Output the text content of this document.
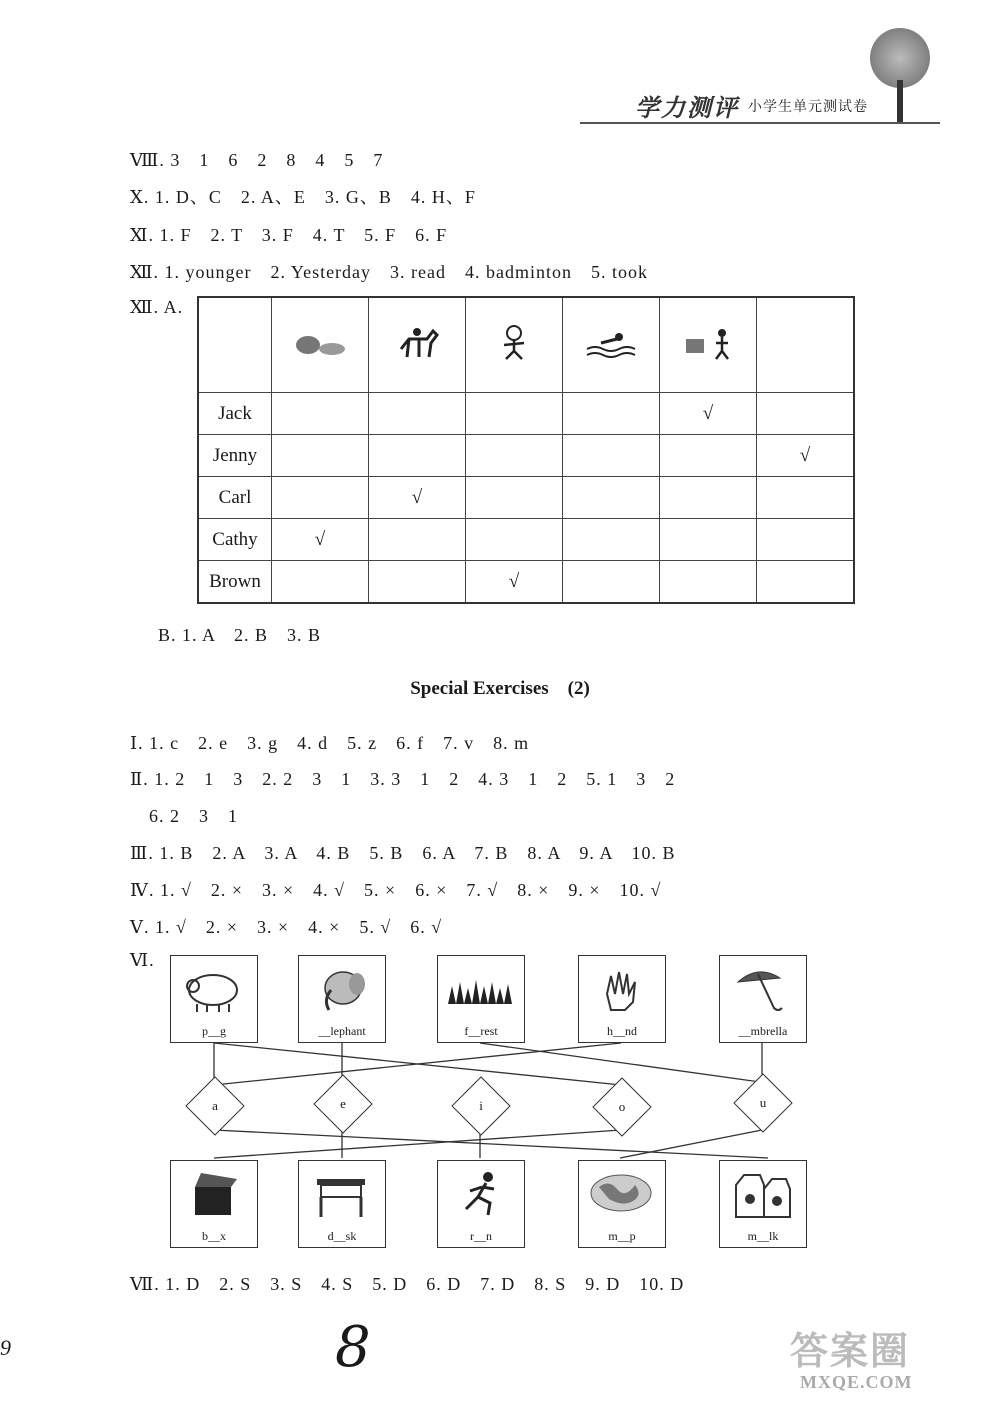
学力测评 小学生单元测试卷
Ⅷ. 3　1　6　2　8　4　5　7
Ⅹ. 1. D、C　2. A、E　3. G、B　4. H、F
Ⅺ. 1. F　2. T　3. F　4. T　5. F　6. F
Ⅻ. 1. younger　2. Yesterday　3. read　4. badminton　5. took
Ⅻ. A.

Jack					√	
Jenny						√
Carl		√				
Cathy	√					
Brown			√			
B. 1. A　2. B　3. B
Special Exercises　(2)
Ⅰ. 1. c　2. e　3. g　4. d　5. z　6. f　7. v　8. m
Ⅱ. 1. 2　1　3　2. 2　3　1　3. 3　1　2　4. 3　1　2　5. 1　3　2
　6. 2　3　1
Ⅲ. 1. B　2. A　3. A　4. B　5. B　6. A　7. B　8. A　9. A　10. B
Ⅳ. 1. √　2. ×　3. ×　4. √　5. ×　6. ×　7. √　8. ×　9. ×　10. √
Ⅴ. 1. √　2. ×　3. ×　4. ×　5. √　6. √
Ⅵ.
p__g	__lephant	f__rest	h__nd	__mbrella
a	e	i	o	u
b__x	d__sk	r__n	m__p	m__lk
Ⅶ. 1. D　2. S　3. S　4. S　5. D　6. D　7. D　8. S　9. D　10. D
9	8	答案圈
MXQE.COM
